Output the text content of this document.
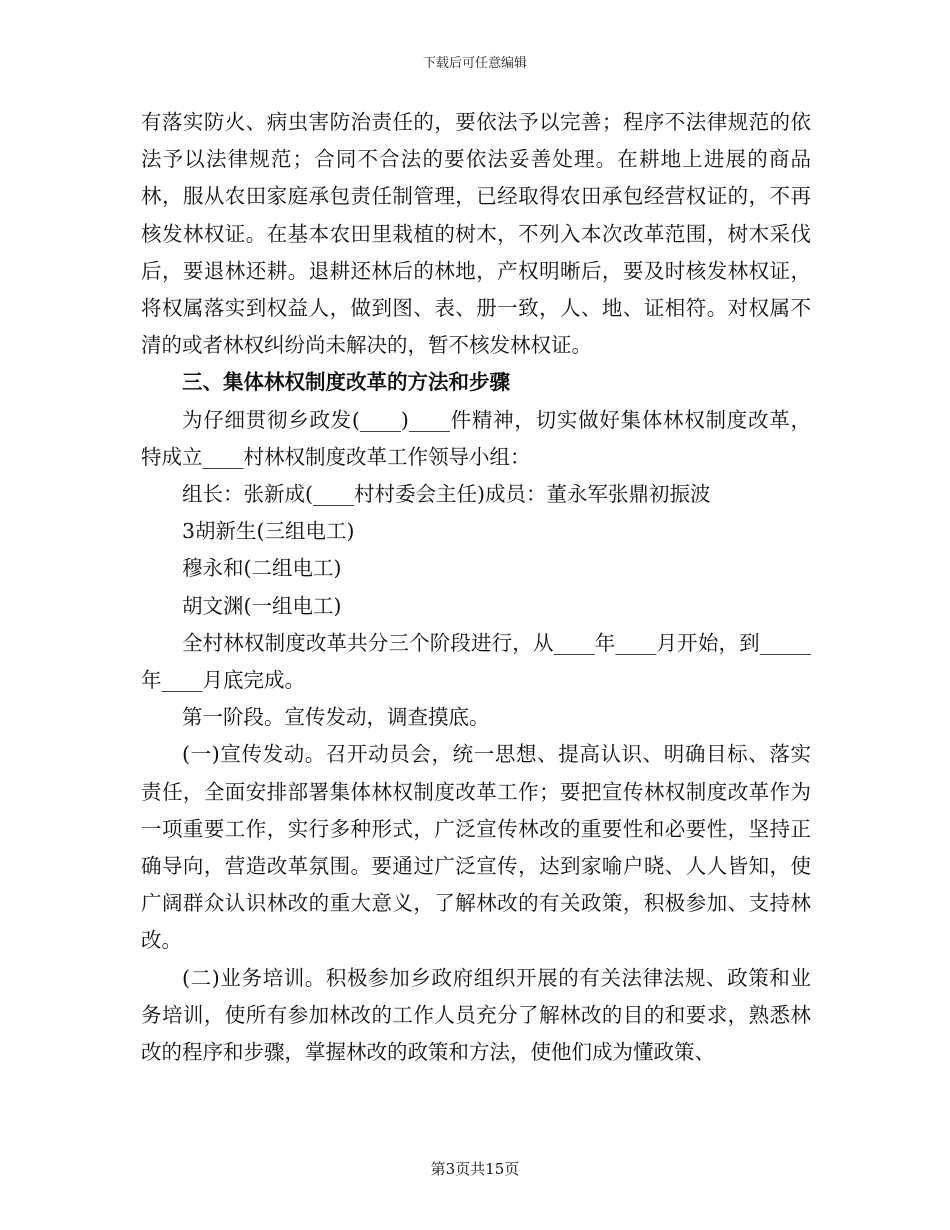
下载后可任意编辑

有落实防火、病虫害防治责任的，要依法予以完善；程序不法律规范的依法予以法律规范；合同不合法的要依法妥善处理。在耕地上进展的商品林，服从农田家庭承包责任制管理，已经取得农田承包经营权证的，不再核发林权证。在基本农田里栽植的树木，不列入本次改革范围，树木采伐后，要退林还耕。退耕还林后的林地，产权明晰后，要及时核发林权证，将权属落实到权益人，做到图、表、册一致，人、地、证相符。对权属不清的或者林权纠纷尚未解决的，暂不核发林权证。

三、集体林权制度改革的方法和步骤

为仔细贯彻乡政发(____)____件精神，切实做好集体林权制度改革，特成立____村林权制度改革工作领导小组：

组长：张新成(____村村委会主任)成员：董永军张鼎初振波

3胡新生(三组电工)

穆永和(二组电工)

胡文渊(一组电工)

全村林权制度改革共分三个阶段进行，从____年____月开始，到_____年____月底完成。

第一阶段。宣传发动，调查摸底。

(一)宣传发动。召开动员会，统一思想、提高认识、明确目标、落实责任，全面安排部署集体林权制度改革工作；要把宣传林权制度改革作为一项重要工作，实行多种形式，广泛宣传林改的重要性和必要性，坚持正确导向，营造改革氛围。要通过广泛宣传，达到家喻户晓、人人皆知，使广阔群众认识林改的重大意义，了解林改的有关政策，积极参加、支持林改。

(二)业务培训。积极参加乡政府组织开展的有关法律法规、政策和业务培训，使所有参加林改的工作人员充分了解林改的目的和要求，熟悉林改的程序和步骤，掌握林改的政策和方法，使他们成为懂政策、

第3页共15页
